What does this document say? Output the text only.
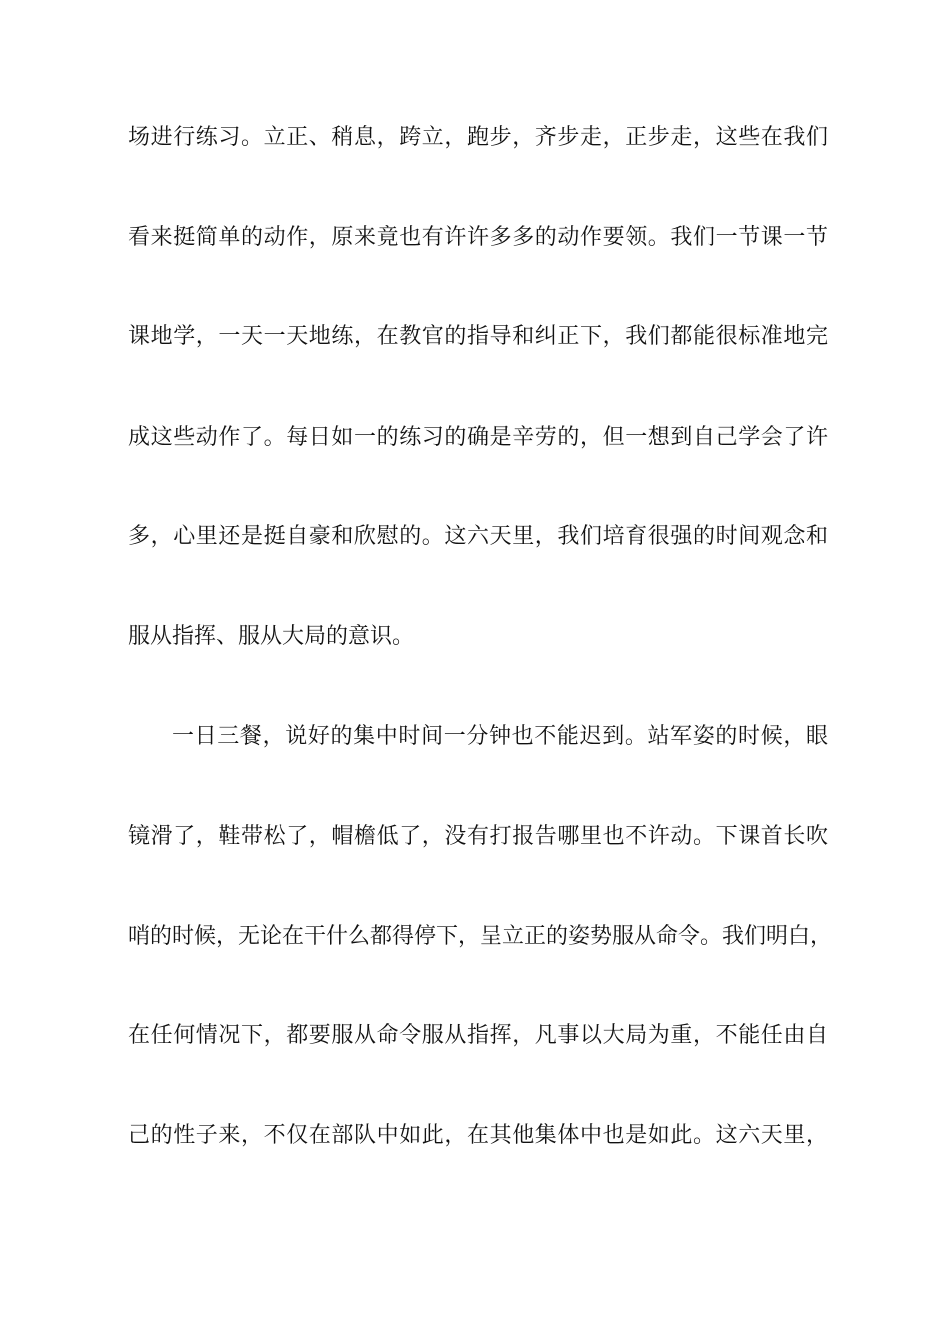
场进行练习。立正、稍息，跨立，跑步，齐步走，正步走，这些在我们
看来挺简单的动作，原来竟也有许许多多的动作要领。我们一节课一节
课地学，一天一天地练，在教官的指导和纠正下，我们都能很标准地完
成这些动作了。每日如一的练习的确是辛劳的，但一想到自己学会了许
多，心里还是挺自豪和欣慰的。这六天里，我们培育很强的时间观念和
服从指挥、服从大局的意识。
一日三餐，说好的集中时间一分钟也不能迟到。站军姿的时候，眼
镜滑了，鞋带松了，帽檐低了，没有打报告哪里也不许动。下课首长吹
哨的时候，无论在干什么都得停下，呈立正的姿势服从命令。我们明白，
在任何情况下，都要服从命令服从指挥，凡事以大局为重，不能任由自
己的性子来，不仅在部队中如此，在其他集体中也是如此。这六天里，
